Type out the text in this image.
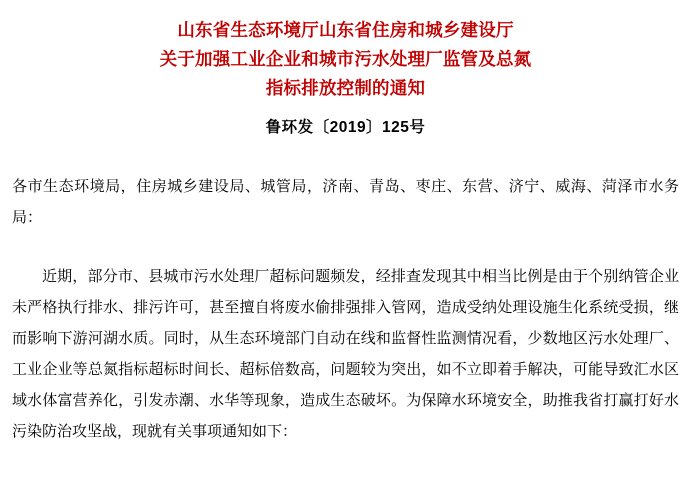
山东省生态环境厅山东省住房和城乡建设厅
关于加强工业企业和城市污水处理厂监管及总氮
指标排放控制的通知
鲁环发〔2019〕125号
各市生态环境局，住房城乡建设局、城管局，济南、青岛、枣庄、东营、济宁、威海、菏泽市水务局：
近期，部分市、县城市污水处理厂超标问题频发，经排查发现其中相当比例是由于个别纳管企业未严格执行排水、排污许可，甚至擅自将废水偷排强排入管网，造成受纳处理设施生化系统受损，继而影响下游河湖水质。同时，从生态环境部门自动在线和监督性监测情况看，少数地区污水处理厂、工业企业等总氮指标超标时间长、超标倍数高，问题较为突出，如不立即着手解决，可能导致汇水区域水体富营养化，引发赤潮、水华等现象，造成生态破坏。为保障水环境安全，助推我省打赢打好水污染防治攻坚战，现就有关事项通知如下：
